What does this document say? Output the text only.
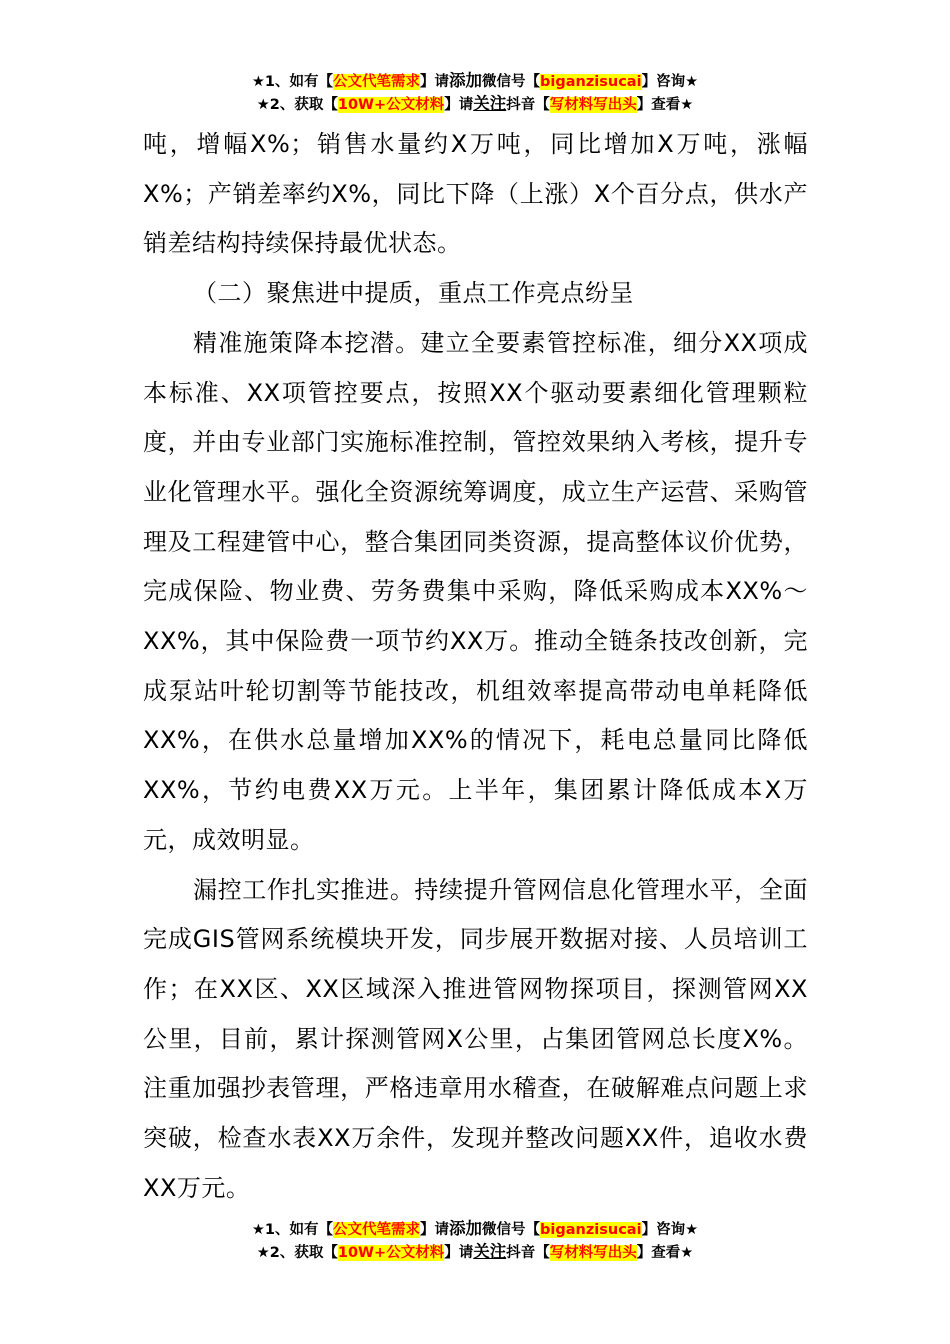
★1、如有【公文代笔需求】请添加微信号【biganzisucai】咨询★
★2、获取【10W+公文材料】请关注抖音【写材料写出头】查看★

吨，增幅X%；销售水量约X万吨，同比增加X万吨，涨幅X%；产销差率约X%，同比下降（上涨）X个百分点，供水产销差结构持续保持最优状态。

（二）聚焦进中提质，重点工作亮点纷呈

精准施策降本挖潜。建立全要素管控标准，细分XX项成本标准、XX项管控要点，按照XX个驱动要素细化管理颗粒度，并由专业部门实施标准控制，管控效果纳入考核，提升专业化管理水平。强化全资源统筹调度，成立生产运营、采购管理及工程建管中心，整合集团同类资源，提高整体议价优势，完成保险、物业费、劳务费集中采购，降低采购成本XX%～XX%，其中保险费一项节约XX万。推动全链条技改创新，完成泵站叶轮切割等节能技改，机组效率提高带动电单耗降低XX%，在供水总量增加XX%的情况下，耗电总量同比降低XX%，节约电费XX万元。上半年，集团累计降低成本X万元，成效明显。

漏控工作扎实推进。持续提升管网信息化管理水平，全面完成GIS管网系统模块开发，同步展开数据对接、人员培训工作；在XX区、XX区域深入推进管网物探项目，探测管网XX公里，目前，累计探测管网X公里，占集团管网总长度X%。注重加强抄表管理，严格违章用水稽查，在破解难点问题上求突破，检查水表XX万余件，发现并整改问题XX件，追收水费XX万元。

★1、如有【公文代笔需求】请添加微信号【biganzisucai】咨询★
★2、获取【10W+公文材料】请关注抖音【写材料写出头】查看★
